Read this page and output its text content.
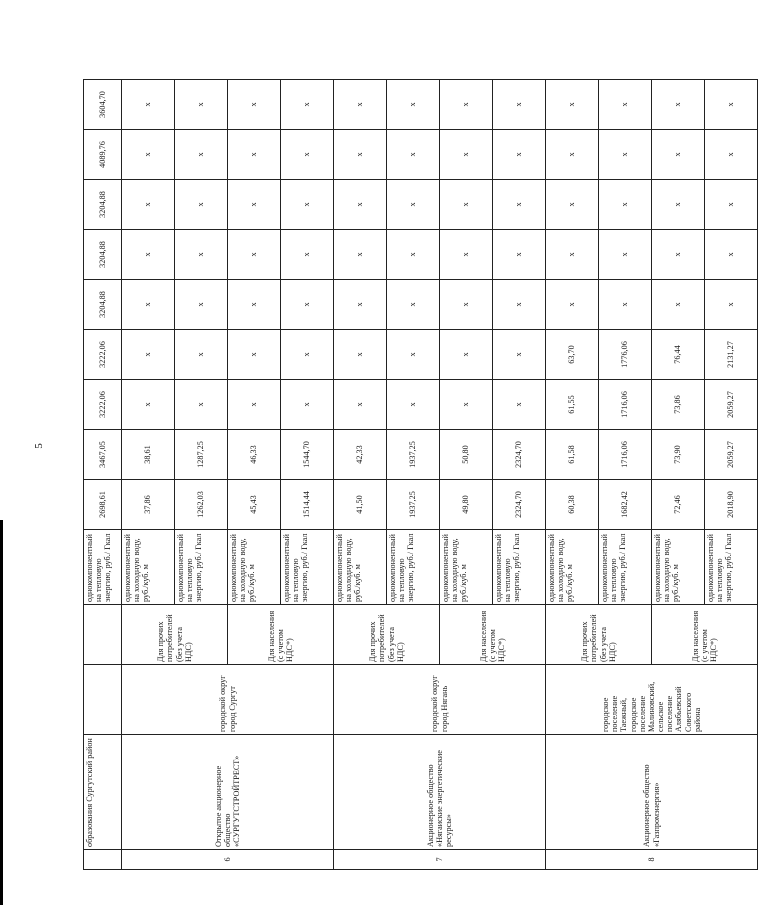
5
	образования Сургутский район			однокомпонентный на тепловую энергию, руб./ Гкал	2698,61	3467,05	3222,06	3222,06	3204,88	3204,88	3204,88	4089,76	3604,70
6	Открытое акционерное общество «СУРГУТСТРОЙТРЕСТ»	городской округ город Сургут	Для прочих потребителей (без учета НДС)	однокомпонентный на холодную воду, руб./куб. м	37,86	38,61	x	x	x	x	x	x	x
				однокомпонентный на тепловую энергию, руб./ Гкал	1262,03	1287,25	x	x	x	x	x	x	x
			Для населения (с учетом НДС*)	однокомпонентный на холодную воду, руб./куб. м	45,43	46,33	x	x	x	x	x	x	x
				однокомпонентный на тепловую энергию, руб./ Гкал	1514,44	1544,70	x	x	x	x	x	x	x
7	Акционерное общество «Нягаиские энергетические ресурсы»	городской округ город Нягань	Для прочих потребителей (без учета НДС)	однокомпонентный на холодную воду, руб./куб. м	41,50	42,33	x	x	x	x	x	x	x
				однокомпонентный на тепловую энергию, руб./ Гкал	1937,25	1937,25	x	x	x	x	x	x	x
			Для населения (с учетом НДС*)	однокомпонентный на холодную воду, руб./куб. м	49,80	50,80	x	x	x	x	x	x	x
				однокомпонентный на тепловую энергию, руб./ Гкал	2324,70	2324,70	x	x	x	x	x	x	x
8	Акционерное общество «Газпромэнергия»	городское поселение Таежный, городское поселение Малиновский, сельское поселение Алябьевский Советского района	Для прочих потребителей (без учета НДС)	однокомпонентный на холодную воду, руб./куб. м	60,38	61,58	61,55	63,70	x	x	x	x	x
				однокомпонентный на тепловую энергию, руб./ Гкал	1682,42	1716,06	1716,06	1776,06	x	x	x	x	x
			Для населения (с учетом НДС*)	однокомпонентный на холодную воду, руб./куб. м	72,46	73,90	73,86	76,44	x	x	x	x	x
				однокомпонентный на тепловую энергию, руб./ Гкал	2018,90	2059,27	2059,27	2131,27	x	x	x	x	x
